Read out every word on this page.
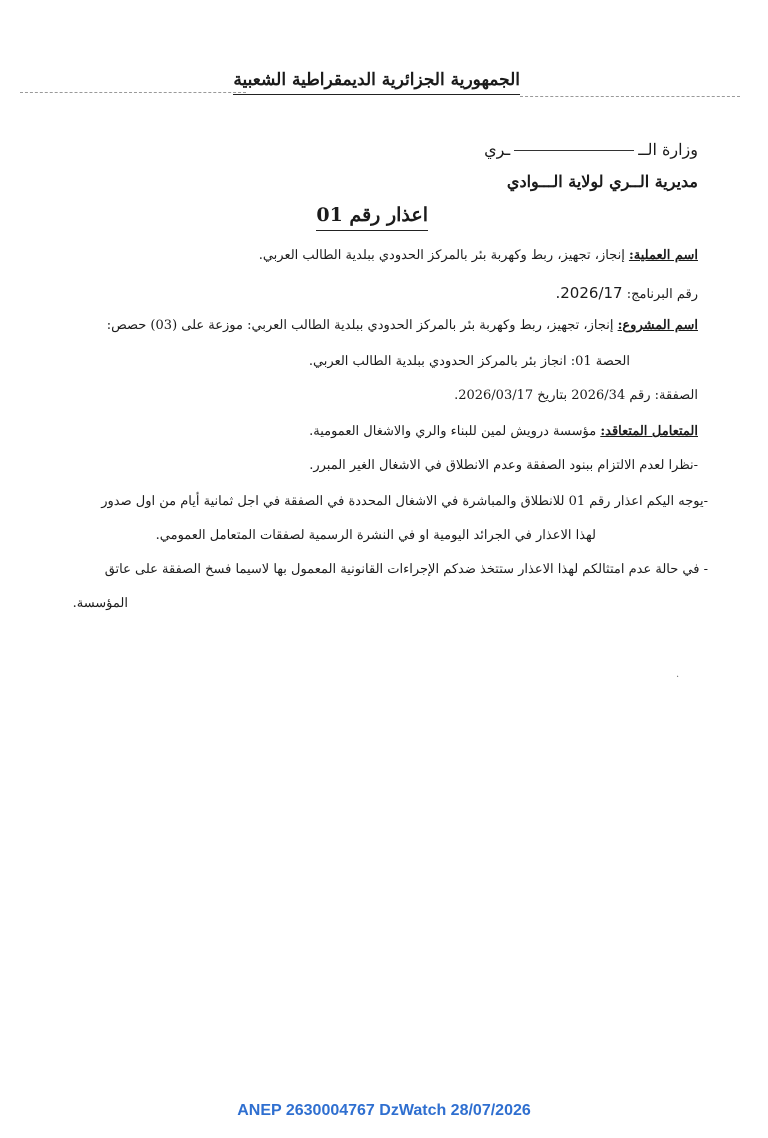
الجمهورية الجزائرية الديمقراطية الشعبية
وزارة الـــري
مديرية الــري لولاية الـــوادي
اعذار رقم 01
اسم العملية: إنجاز، تجهيز، ربط وكهربة بئر بالمركز الحدودي ببلدية الطالب العربي.
رقم البرنامج: 2026/17.
اسم المشروع: إنجاز، تجهيز، ربط وكهربة بئر بالمركز الحدودي ببلدية الطالب العربي: موزعة على (03) حصص:
الحصة 01: انجاز بئر بالمركز الحدودي ببلدية الطالب العربي.
الصفقة: رقم 2026/34 بتاريخ 2026/03/17.
المتعامل المتعاقد: مؤسسة درويش لمين للبناء والري والاشغال العمومية.
-نظرا لعدم الالتزام ببنود الصفقة وعدم الانطلاق في الاشغال الغير المبرر.
-يوجه اليكم اعذار رقم 01 للانطلاق والمباشرة في الاشغال المحددة في الصفقة في اجل ثمانية أيام من اول صدور
لهذا الاعذار في الجرائد اليومية او في النشرة الرسمية لصفقات المتعامل العمومي.
- في حالة عدم امتثالكم لهذا الاعذار ستتخذ ضدكم الإجراءات القانونية المعمول بها لاسيما فسخ الصفقة على عاتق
المؤسسة.
·
ANEP 2630004767 DzWatch 28/07/2026
